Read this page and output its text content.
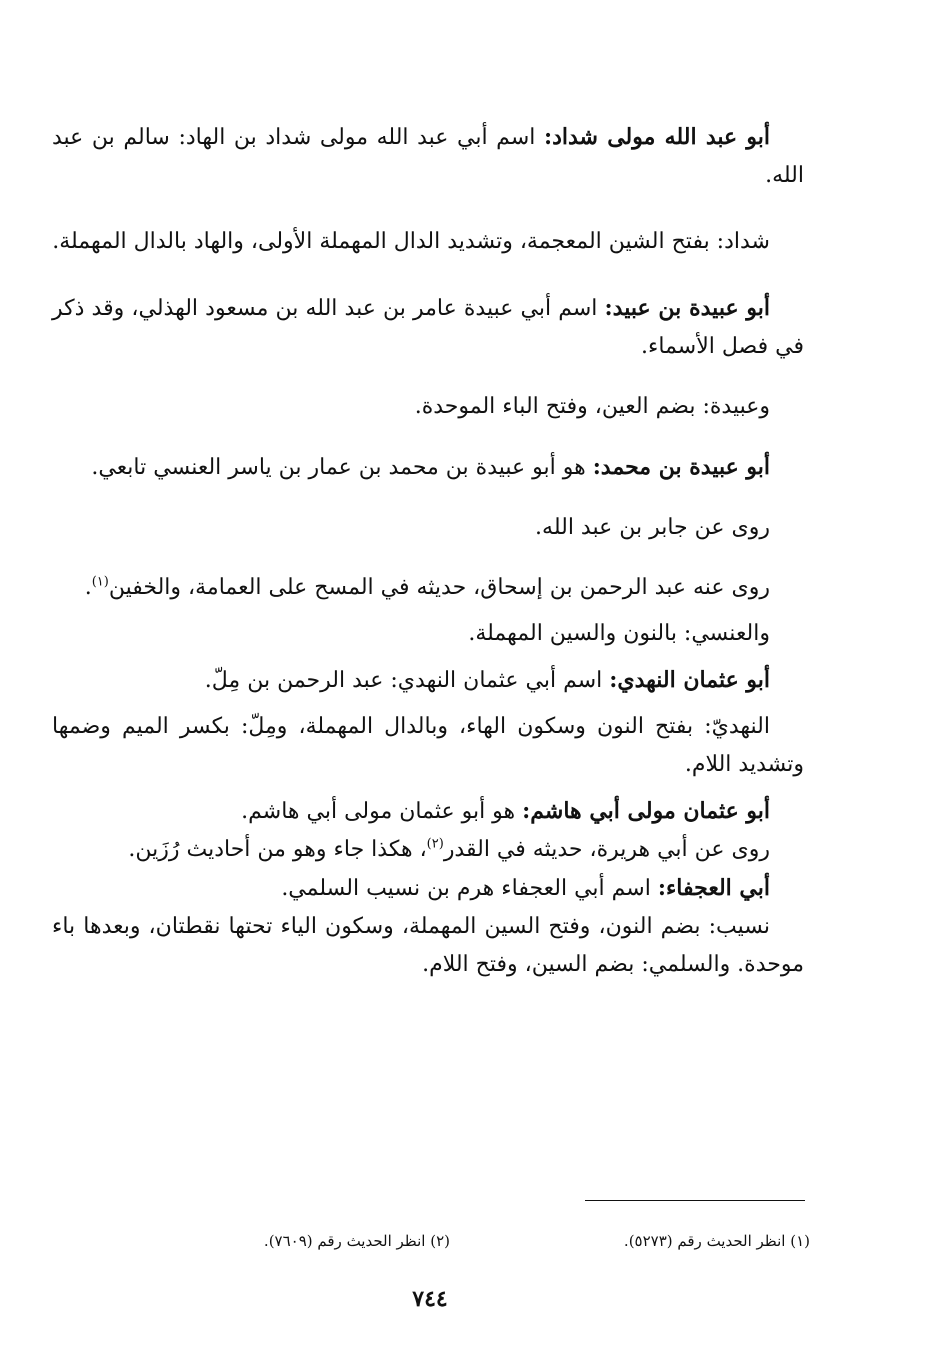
أبو عبد الله مولى شداد: اسم أبي عبد الله مولى شداد بن الهاد: سالم بن عبد الله.

شداد: بفتح الشين المعجمة، وتشديد الدال المهملة الأولى، والهاد بالدال المهملة.

أبو عبيدة بن عبيد: اسم أبي عبيدة عامر بن عبد الله بن مسعود الهذلي، وقد ذكر في فصل الأسماء.

وعبيدة: بضم العين، وفتح الباء الموحدة.

أبو عبيدة بن محمد: هو أبو عبيدة بن محمد بن عمار بن ياسر العنسي تابعي.

روى عن جابر بن عبد الله.

روى عنه عبد الرحمن بن إسحاق، حديثه في المسح على العمامة، والخفين$^{(١)}$.

والعنسي: بالنون والسين المهملة.

أبو عثمان النهدي: اسم أبي عثمان النهدي: عبد الرحمن بن مِلّ.

النهديّ: بفتح النون وسكون الهاء، وبالدال المهملة، ومِلّ: بكسر الميم وضمها وتشديد اللام.

أبو عثمان مولى أبي هاشم: هو أبو عثمان مولى أبي هاشم.

روى عن أبي هريرة، حديثه في القدر$^{(٢)}$، هكذا جاء وهو من أحاديث رُزَين.

أبي العجفاء: اسم أبي العجفاء هرم بن نسيب السلمي.

نسيب: بضم النون، وفتح السين المهملة، وسكون الياء تحتها نقطتان، وبعدها باء موحدة. والسلمي: بضم السين، وفتح اللام.

(١) انظر الحديث رقم (٥٢٧٣).
(٢) انظر الحديث رقم (٧٦٠٩).
٧٤٤
